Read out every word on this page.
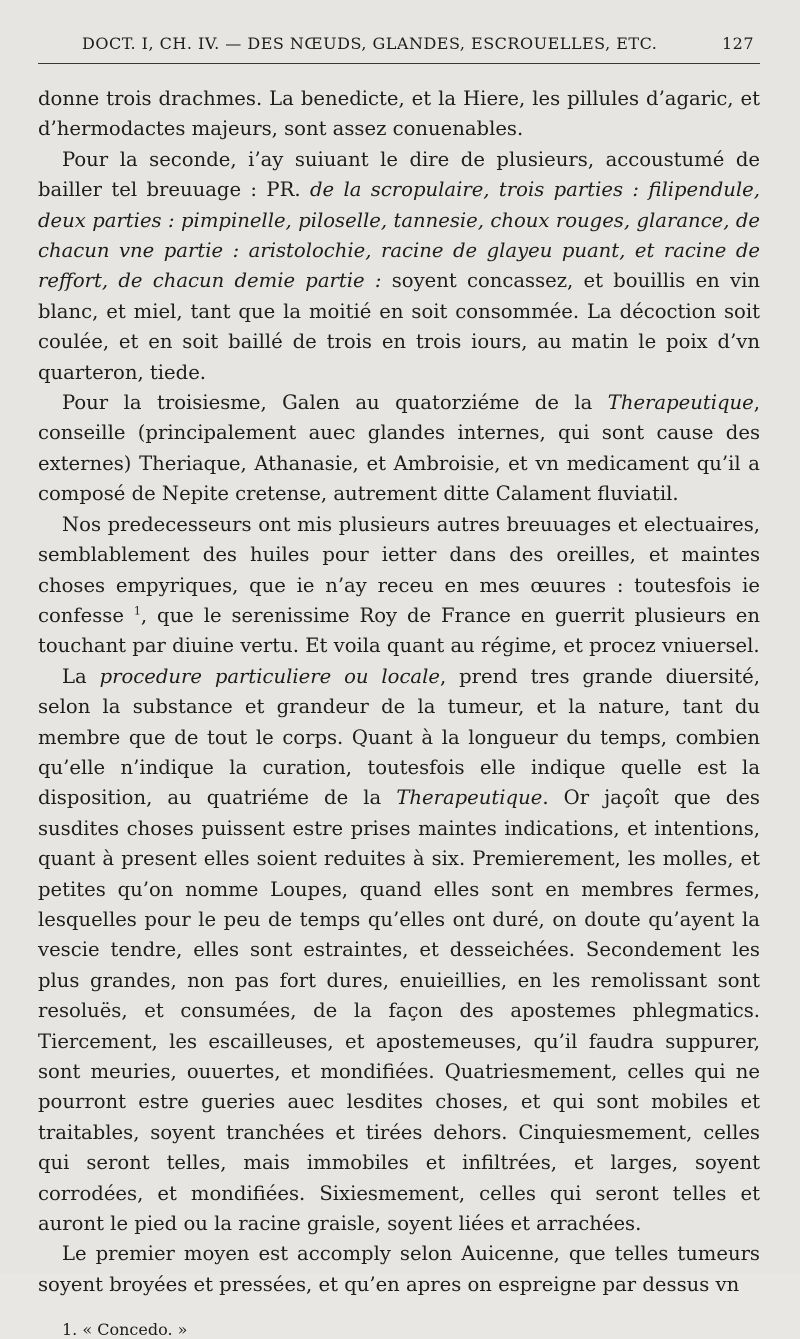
DOCT. I, CH. IV. — DES NŒUDS, GLANDES, ESCROUELLES, ETC.	127

donne trois drachmes. La benedicte, et la Hiere, les pillules d’agaric, et d’hermodactes majeurs, sont assez conuenables.

Pour la seconde, i’ay suiuant le dire de plusieurs, accoustumé de bailler tel breuuage : PR. de la scropulaire, trois parties : filipendule, deux parties : pimpinelle, piloselle, tannesie, choux rouges, glarance, de chacun vne partie : aristolochie, racine de glayeu puant, et racine de reffort, de chacun demie partie : soyent concassez, et bouillis en vin blanc, et miel, tant que la moitié en soit consommée. La décoction soit coulée, et en soit baillé de trois en trois iours, au matin le poix d’vn quarteron, tiede.

Pour la troisiesme, Galen au quatorziéme de la Therapeutique, conseille (principalement auec glandes internes, qui sont cause des externes) Theriaque, Athanasie, et Ambroisie, et vn medicament qu’il a composé de Nepite cretense, autrement ditte Calament fluviatil.

Nos predecesseurs ont mis plusieurs autres breuuages et electuaires, semblablement des huiles pour ietter dans des oreilles, et maintes choses empyriques, que ie n’ay receu en mes œuures : toutesfois ie confesse $^1$, que le serenissime Roy de France en guerrit plusieurs en touchant par diuine vertu. Et voila quant au régime, et procez vniuersel.

La procedure particuliere ou locale, prend tres grande diuersité, selon la substance et grandeur de la tumeur, et la nature, tant du membre que de tout le corps. Quant à la longueur du temps, combien qu’elle n’indique la curation, toutesfois elle indique quelle est la disposition, au quatriéme de la Therapeutique. Or jaçoît que des susdites choses puissent estre prises maintes indications, et intentions, quant à present elles soient reduites à six. Premierement, les molles, et petites qu’on nomme Loupes, quand elles sont en membres fermes, lesquelles pour le peu de temps qu’elles ont duré, on doute qu’ayent la vescie tendre, elles sont estraintes, et desseichées. Secondement les plus grandes, non pas fort dures, enuieillies, en les remolissant sont resoluës, et consumées, de la façon des apostemes phlegmatics. Tiercement, les escailleuses, et apostemeuses, qu’il faudra suppurer, sont meuries, ouuertes, et mondifiées. Quatriesmement, celles qui ne pourront estre gueries auec lesdites choses, et qui sont mobiles et traitables, soyent tranchées et tirées dehors. Cinquiesmement, celles qui seront telles, mais immobiles et infiltrées, et larges, soyent corrodées, et mondifiées. Sixiesmement, celles qui seront telles et auront le pied ou la racine graisle, soyent liées et arrachées.

Le premier moyen est accomply selon Auicenne, que telles tumeurs soyent broyées et pressées, et qu’en apres on espreigne par dessus vn

1. « Concedo. »
